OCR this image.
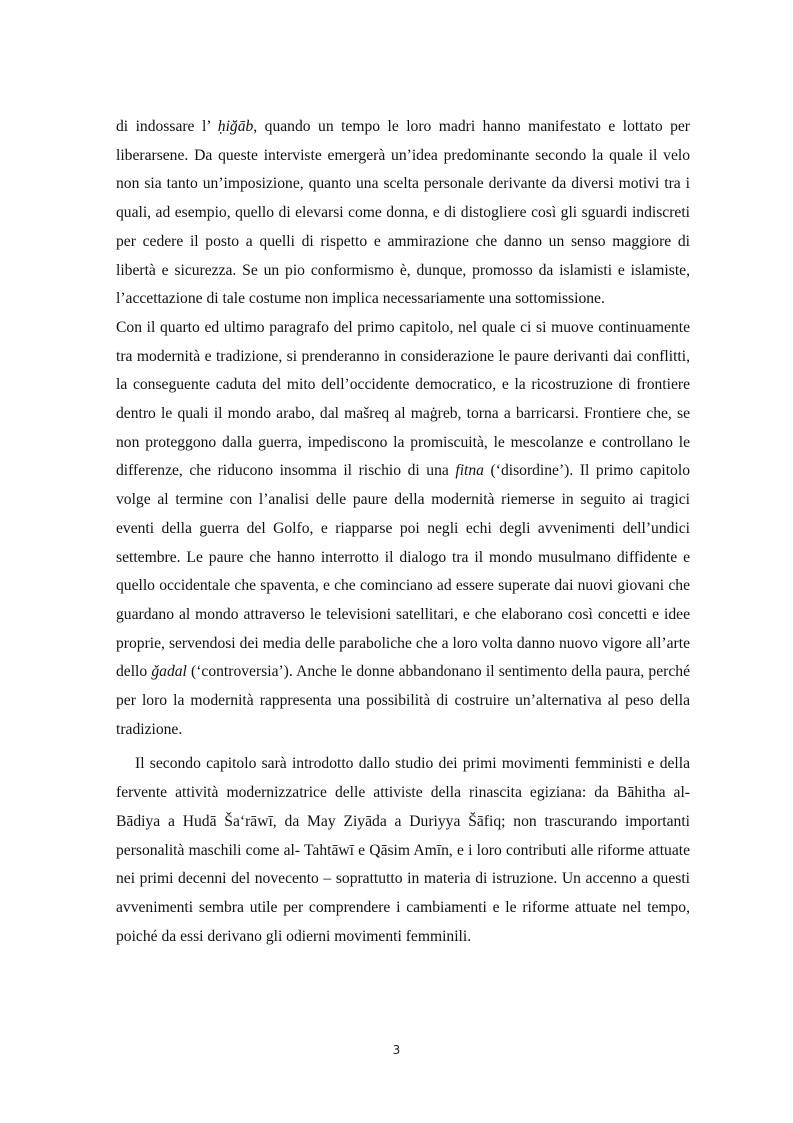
di indossare l’ ḥiğāb, quando un tempo le loro madri hanno manifestato e lottato per liberarsene. Da queste interviste emergerà un’idea predominante secondo la quale il velo non sia tanto un’imposizione, quanto una scelta personale derivante da diversi motivi tra i quali, ad esempio, quello di elevarsi come donna, e di distogliere così gli sguardi indiscreti per cedere il posto a quelli di rispetto e ammirazione che danno un senso maggiore di libertà e sicurezza. Se un pio conformismo è, dunque, promosso da islamisti e islamiste, l’accettazione di tale costume non implica necessariamente una sottomissione.

Con il quarto ed ultimo paragrafo del primo capitolo, nel quale ci si muove continuamente tra modernità e tradizione, si prenderanno in considerazione le paure derivanti dai conflitti, la conseguente caduta del mito dell’occidente democratico, e la ricostruzione di frontiere dentro le quali il mondo arabo, dal mašreq al maġreb, torna a barricarsi. Frontiere che, se non proteggono dalla guerra, impediscono la promiscuità, le mescolanze e controllano le differenze, che riducono insomma il rischio di una fitna (‘disordine’). Il primo capitolo volge al termine con l’analisi delle paure della modernità riemerse in seguito ai tragici eventi della guerra del Golfo, e riapparse poi negli echi degli avvenimenti dell’undici settembre. Le paure che hanno interrotto il dialogo tra il mondo musulmano diffidente e quello occidentale che spaventa, e che cominciano ad essere superate dai nuovi giovani che guardano al mondo attraverso le televisioni satellitari, e che elaborano così concetti e idee proprie, servendosi dei media delle paraboliche che a loro volta danno nuovo vigore all’arte dello ǧadal (‘controversia’). Anche le donne abbandonano il sentimento della paura, perché per loro la modernità rappresenta una possibilità di costruire un’alternativa al peso della tradizione.

Il secondo capitolo sarà introdotto dallo studio dei primi movimenti femministi e della fervente attività modernizzatrice delle attiviste della rinascita egiziana: da Bāhitha al-Bādiya a Hudā Ša‘rāwī, da May Ziyāda a Duriyya Šāfiq; non trascurando importanti personalità maschili come al- Tahtāwī e Qāsim Amīn, e i loro contributi alle riforme attuate nei primi decenni del novecento – soprattutto in materia di istruzione. Un accenno a questi avvenimenti sembra utile per comprendere i cambiamenti e le riforme attuate nel tempo, poiché da essi derivano gli odierni movimenti femminili.

3
